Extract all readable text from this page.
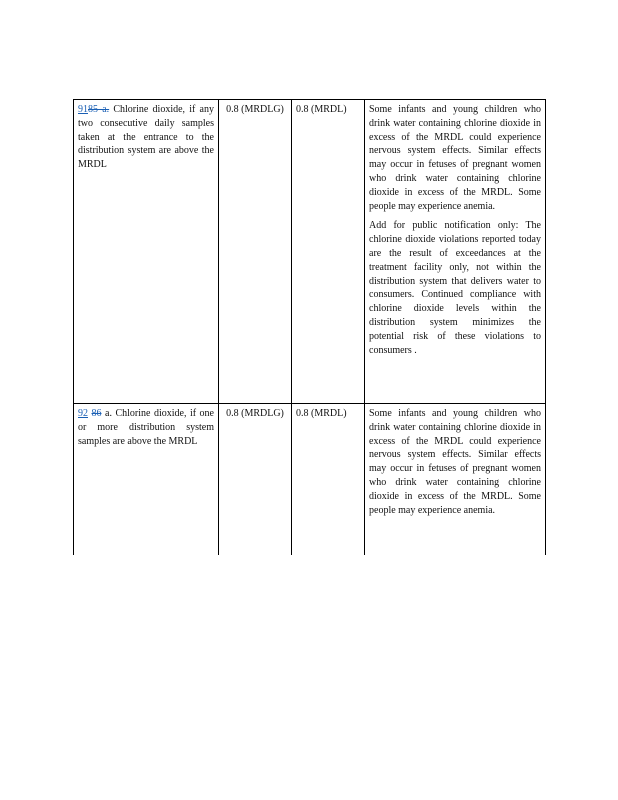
9185 a. Chlorine dioxide, if any two consecutive daily samples taken at the entrance to the distribution system are above the MRDL	0.8 (MRDLG)	0.8 (MRDL)	Some infants and young children who drink water containing chlorine dioxide in excess of the MRDL could experience nervous system effects. Similar effects may occur in fetuses of pregnant women who drink water containing chlorine dioxide in excess of the MRDL. Some people may experience anemia.

Add for public notification only: The chlorine dioxide violations reported today are the result of exceedances at the treatment facility only, not within the distribution system that delivers water to consumers. Continued compliance with chlorine dioxide levels within the distribution system minimizes the potential risk of these violations to consumers .

92 86 a. Chlorine dioxide, if one or more distribution system samples are above the MRDL	0.8 (MRDLG)	0.8 (MRDL)	Some infants and young children who drink water containing chlorine dioxide in excess of the MRDL could experience nervous system effects. Similar effects may occur in fetuses of pregnant women who drink water containing chlorine dioxide in excess of the MRDL. Some people may experience anemia.
